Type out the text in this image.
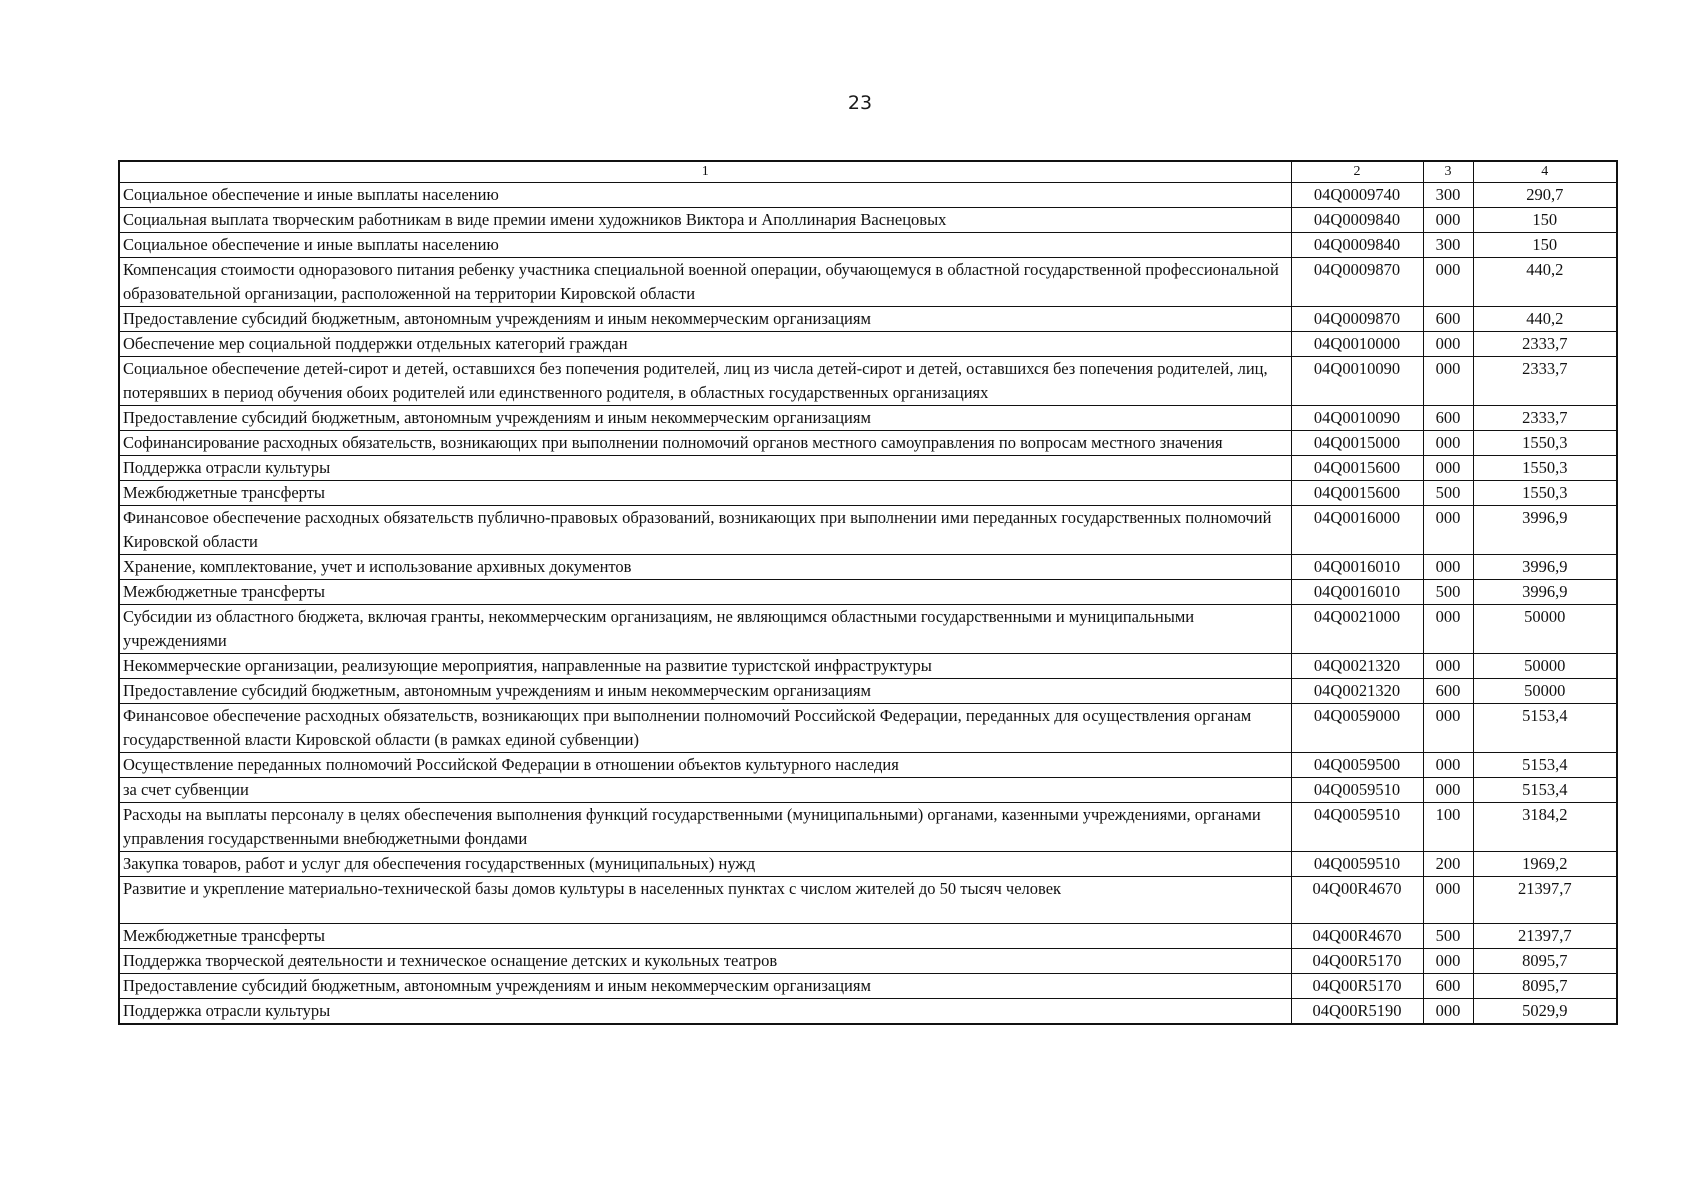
23
1	2	3	4
Социальное обеспечение и иные выплаты населению	04Q0009740	300	290,7
Социальная выплата творческим работникам в виде премии имени художников Виктора и Аполлинария Васнецовых	04Q0009840	000	150
Социальное обеспечение и иные выплаты населению	04Q0009840	300	150
Компенсация стоимости одноразового питания ребенку участника специальной военной операции, обучающемуся в областной государственной профессиональной образовательной организации, расположенной на территории Кировской области	04Q0009870	000	440,2
Предоставление субсидий бюджетным, автономным учреждениям и иным некоммерческим организациям	04Q0009870	600	440,2
Обеспечение мер социальной поддержки отдельных категорий граждан	04Q0010000	000	2333,7
Социальное обеспечение детей-сирот и детей, оставшихся без попечения родителей, лиц из числа детей-сирот и детей, оставшихся без попечения родителей, лиц, потерявших в период обучения обоих родителей или единственного родителя, в областных государственных организациях	04Q0010090	000	2333,7
Предоставление субсидий бюджетным, автономным учреждениям и иным некоммерческим организациям	04Q0010090	600	2333,7
Софинансирование расходных обязательств, возникающих при выполнении полномочий органов местного самоуправления по вопросам местного значения	04Q0015000	000	1550,3
Поддержка отрасли культуры	04Q0015600	000	1550,3
Межбюджетные трансферты	04Q0015600	500	1550,3
Финансовое обеспечение расходных обязательств публично-правовых образований, возникающих при выполнении ими переданных государственных полномочий Кировской области	04Q0016000	000	3996,9
Хранение, комплектование, учет и использование архивных документов	04Q0016010	000	3996,9
Межбюджетные трансферты	04Q0016010	500	3996,9
Субсидии из областного бюджета, включая гранты, некоммерческим организациям, не являющимся областными государственными и муниципальными учреждениями	04Q0021000	000	50000
Некоммерческие организации, реализующие мероприятия, направленные на развитие туристской инфраструктуры	04Q0021320	000	50000
Предоставление субсидий бюджетным, автономным учреждениям и иным некоммерческим организациям	04Q0021320	600	50000
Финансовое обеспечение расходных обязательств, возникающих при выполнении полномочий Российской Федерации, переданных для осуществления органам государственной власти Кировской области (в рамках единой субвенции)	04Q0059000	000	5153,4
Осуществление переданных полномочий Российской Федерации в отношении объектов культурного наследия	04Q0059500	000	5153,4
за счет субвенции	04Q0059510	000	5153,4
Расходы на выплаты персоналу в целях обеспечения выполнения функций государственными (муниципальными) органами, казенными учреждениями, органами управления государственными внебюджетными фондами	04Q0059510	100	3184,2
Закупка товаров, работ и услуг для обеспечения государственных (муниципальных) нужд	04Q0059510	200	1969,2
Развитие и укрепление материально-технической базы домов культуры в населенных пунктах с числом жителей до 50 тысяч человек	04Q00R4670	000	21397,7
Межбюджетные трансферты	04Q00R4670	500	21397,7
Поддержка творческой деятельности и техническое оснащение детских и кукольных театров	04Q00R5170	000	8095,7
Предоставление субсидий бюджетным, автономным учреждениям и иным некоммерческим организациям	04Q00R5170	600	8095,7
Поддержка отрасли культуры	04Q00R5190	000	5029,9
